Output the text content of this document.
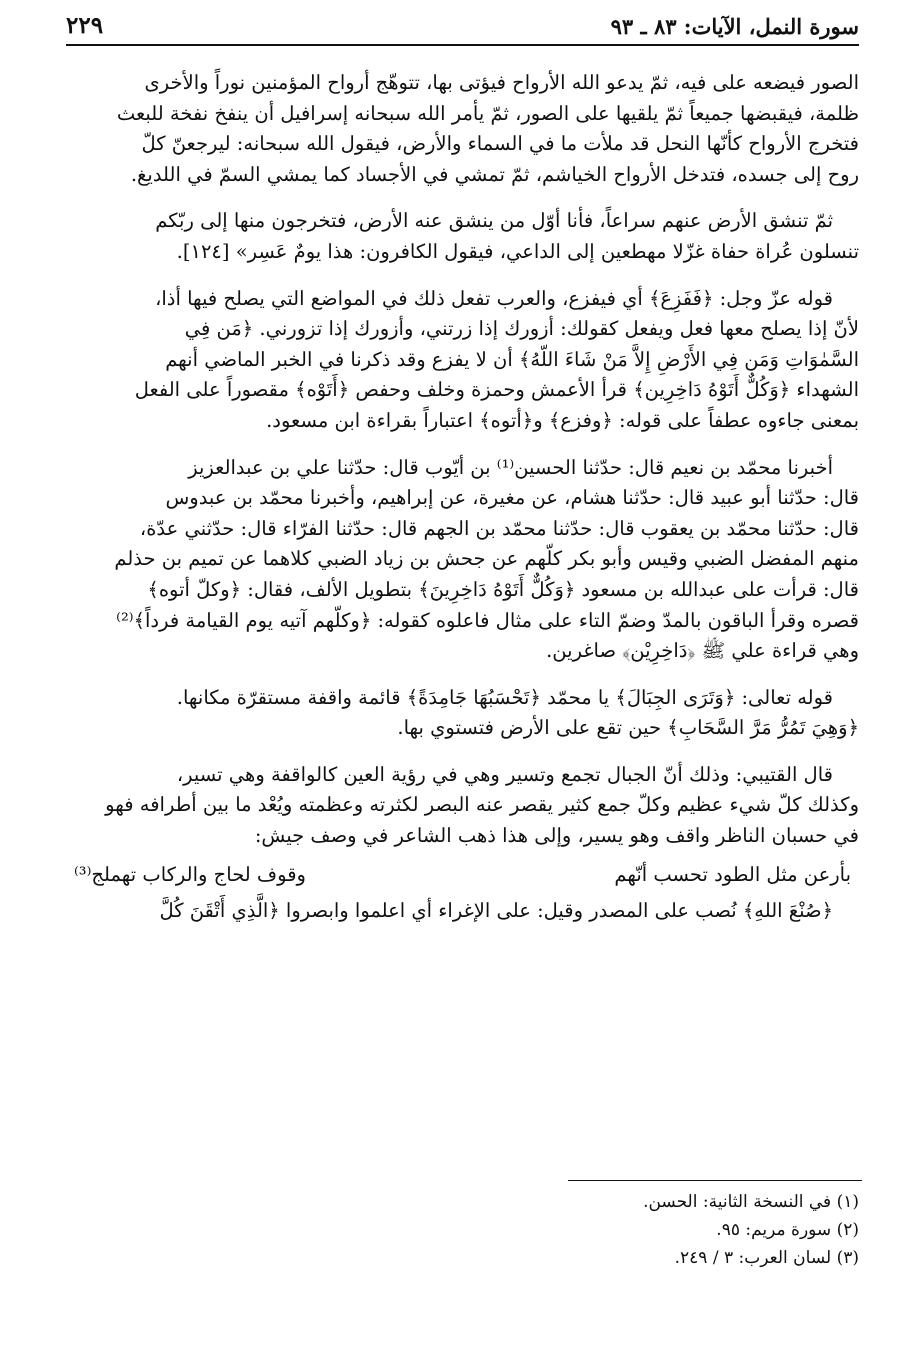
سورة النمل، الآيات: ٨٣ ـ ٩٣
٢٢٩

الصور فيضعه على فيه، ثمّ يدعو الله الأرواح فيؤتى بها، تتوهّج أرواح المؤمنين نوراً والأخرى

ظلمة، فيقبضها جميعاً ثمّ يلقيها على الصور، ثمّ يأمر الله سبحانه إسرافيل أن ينفخ نفخة للبعث

فتخرج الأرواح كأنّها النحل قد ملأت ما في السماء والأرض، فيقول الله سبحانه: ليرجعنّ كلّ

روح إلى جسده، فتدخل الأرواح الخياشم، ثمّ تمشي في الأجساد كما يمشي السمّ في اللديغ.

ثمّ تنشق الأرض عنهم سراعاً، فأنا أوّل من ينشق عنه الأرض، فتخرجون منها إلى ربّكم

تنسلون عُراة حفاة غزّلا مهطعين إلى الداعي، فيقول الكافرون: هذا يومٌ عَسِر» [١٢٤].

قوله عزّ وجل: ﴿فَفَزِعَ﴾ أي فيفزع، والعرب تفعل ذلك في المواضع التي يصلح فيها أذا،

لأنّ إذا يصلح معها فعل ويفعل كقولك: أزورك إذا زرتني، وأزورك إذا تزورني. ﴿مَن فِي

السَّمٰوَاتِ وَمَن فِي الأَرْضِ إِلاَّ مَنْ شَاءَ اللّهُ﴾ أن لا يفزع وقد ذكرنا في الخبر الماضي أنهم

الشهداء ﴿وَكُلٌّ أَتَوْهُ دَاخِرِين﴾ قرأ الأعمش وحمزة وخلف وحفص ﴿أَتَوْه﴾ مقصوراً على الفعل

بمعنى جاءوه عطفاً على قوله: ﴿وفزع﴾ و﴿أتوه﴾ اعتباراً بقراءة ابن مسعود.

أخبرنا محمّد بن نعيم قال: حدّثنا الحسين⁽¹⁾ بن أيّوب قال: حدّثنا علي بن عبدالعزيز

قال: حدّثنا أبو عبيد قال: حدّثنا هشام، عن مغيرة، عن إبراهيم، وأخبرنا محمّد بن عبدوس

قال: حدّثنا محمّد بن يعقوب قال: حدّثنا محمّد بن الجهم قال: حدّثنا الفرّاء قال: حدّثني عدّة،

منهم المفضل الضبي وقيس وأبو بكر كلّهم عن جحش بن زياد الضبي كلاهما عن تميم بن حذلم

قال: قرأت على عبدالله بن مسعود ﴿وَكُلٌّ أَتَوْهُ دَاخِرِينَ﴾ بتطويل الألف، فقال: ﴿وكلّ أتوه﴾

قصره وقرأ الباقون بالمدّ وضمّ التاء على مثال فاعلوه كقوله: ﴿وكلّهم آتيه يوم القيامة فرداً﴾⁽²⁾

وهي قراءة علي ﷺ ﴿دَاخِرِيْن﴾ صاغرين.

قوله تعالى: ﴿وَتَرَى الجِبَالَ﴾ يا محمّد ﴿تَحْسَبُهَا جَامِدَةً﴾ قائمة واقفة مستقرّة مكانها.

﴿وَهِيَ تَمُرُّ مَرَّ السَّحَابِ﴾ حين تقع على الأرض فتستوي بها.

قال القتيبي: وذلك أنّ الجبال تجمع وتسير وهي في رؤية العين كالواقفة وهي تسير،

وكذلك كلّ شيء عظيم وكلّ جمع كثير يقصر عنه البصر لكثرته وعظمته ويُعْد ما بين أطرافه فهو

في حسبان الناظر واقف وهو يسير، وإلى هذا ذهب الشاعر في وصف جيش:

بأرعن مثل الطود تحسب أنّهم
وقوف لحاج والركاب تهملج⁽³⁾

﴿صُنْعَ اللهِ﴾ نُصب على المصدر وقيل: على الإغراء أي اعلموا وابصروا ﴿الَّذِي أَتْقَنَ كُلَّ

(١) في النسخة الثانية: الحسن.
(٢) سورة مريم: ٩٥.
(٣) لسان العرب: ٣ / ٢٤٩.
